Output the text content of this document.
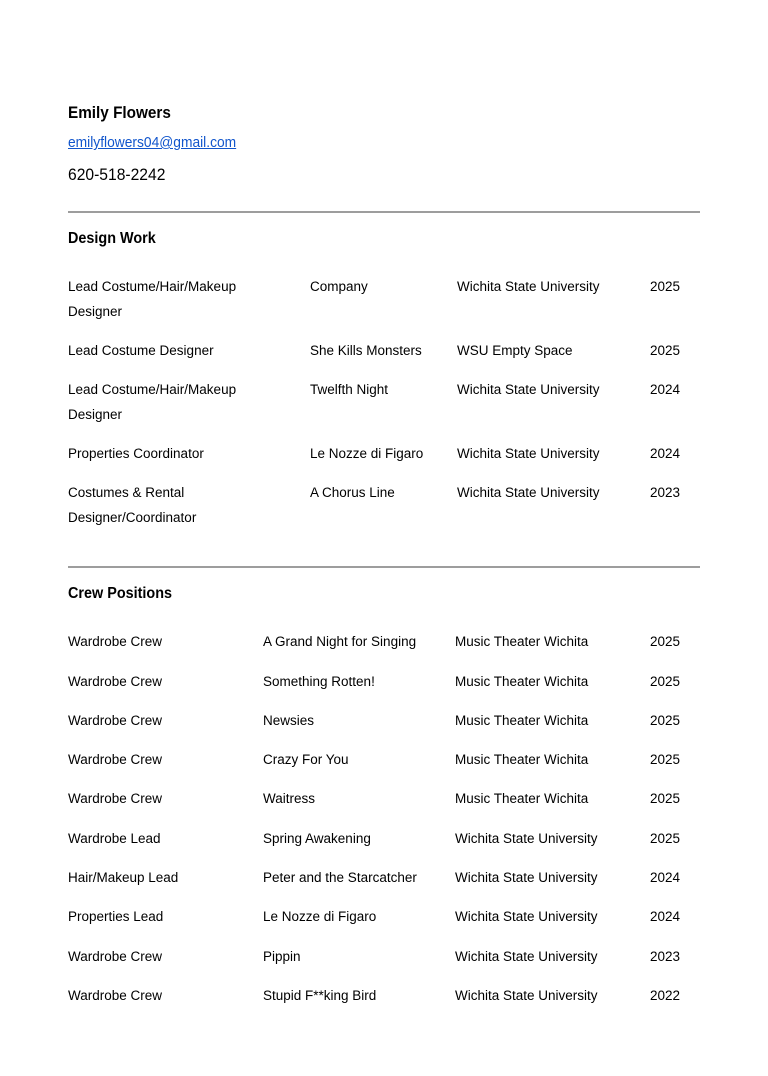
Emily Flowers
emilyflowers04@gmail.com
620-518-2242
Design Work
Lead Costume/Hair/Makeup Designer	Company	Wichita State University	2025
Lead Costume Designer	She Kills Monsters	WSU Empty Space	2025
Lead Costume/Hair/Makeup Designer	Twelfth Night	Wichita State University	2024
Properties Coordinator	Le Nozze di Figaro	Wichita State University	2024
Costumes & Rental Designer/Coordinator	A Chorus Line	Wichita State University	2023
Crew Positions
Wardrobe Crew	A Grand Night for Singing	Music Theater Wichita	2025
Wardrobe Crew	Something Rotten!	Music Theater Wichita	2025
Wardrobe Crew	Newsies	Music Theater Wichita	2025
Wardrobe Crew	Crazy For You	Music Theater Wichita	2025
Wardrobe Crew	Waitress	Music Theater Wichita	2025
Wardrobe Lead	Spring Awakening	Wichita State University	2025
Hair/Makeup Lead	Peter and the Starcatcher	Wichita State University	2024
Properties Lead	Le Nozze di Figaro	Wichita State University	2024
Wardrobe Crew	Pippin	Wichita State University	2023
Wardrobe Crew	Stupid F**king Bird	Wichita State University	2022
